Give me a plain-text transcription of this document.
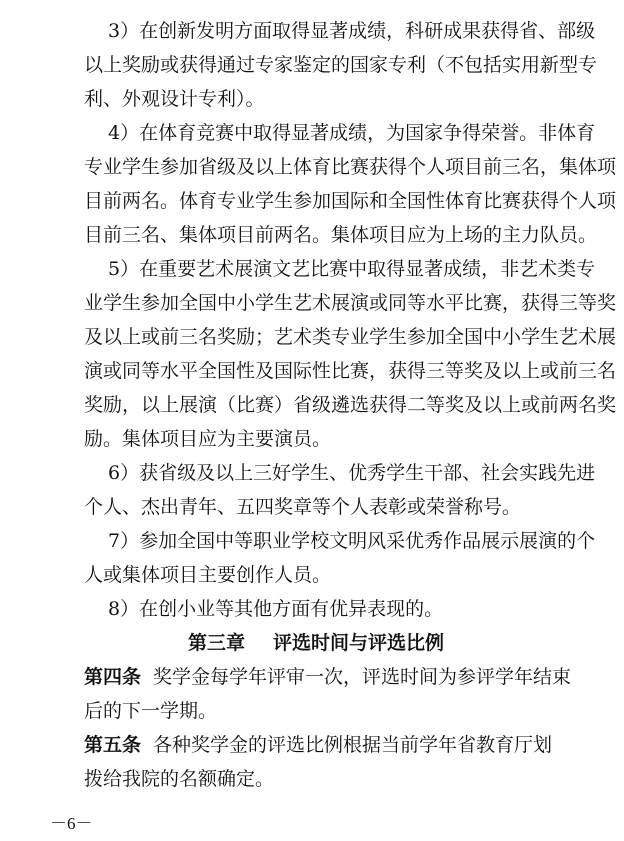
3）在创新发明方面取得显著成绩，科研成果获得省、部级
以上奖励或获得通过专家鉴定的国家专利（不包括实用新型专
利、外观设计专利）。
4）在体育竞赛中取得显著成绩，为国家争得荣誉。非体育
专业学生参加省级及以上体育比赛获得个人项目前三名，集体项
目前两名。体育专业学生参加国际和全国性体育比赛获得个人项
目前三名、集体项目前两名。集体项目应为上场的主力队员。
5）在重要艺术展演文艺比赛中取得显著成绩，非艺术类专
业学生参加全国中小学生艺术展演或同等水平比赛，获得三等奖
及以上或前三名奖励；艺术类专业学生参加全国中小学生艺术展
演或同等水平全国性及国际性比赛，获得三等奖及以上或前三名
奖励，以上展演（比赛）省级遴选获得二等奖及以上或前两名奖
励。集体项目应为主要演员。
6）获省级及以上三好学生、优秀学生干部、社会实践先进
个人、杰出青年、五四奖章等个人表彰或荣誉称号。
7）参加全国中等职业学校文明风采优秀作品展示展演的个
人或集体项目主要创作人员。
8）在创小业等其他方面有优异表现的。
第三章 评选时间与评选比例
第四条 奖学金每学年评审一次，评选时间为参评学年结束
后的下一学期。
－6－
第五条 各种奖学金的评选比例根据当前学年省教育厅划
拨给我院的名额确定。
